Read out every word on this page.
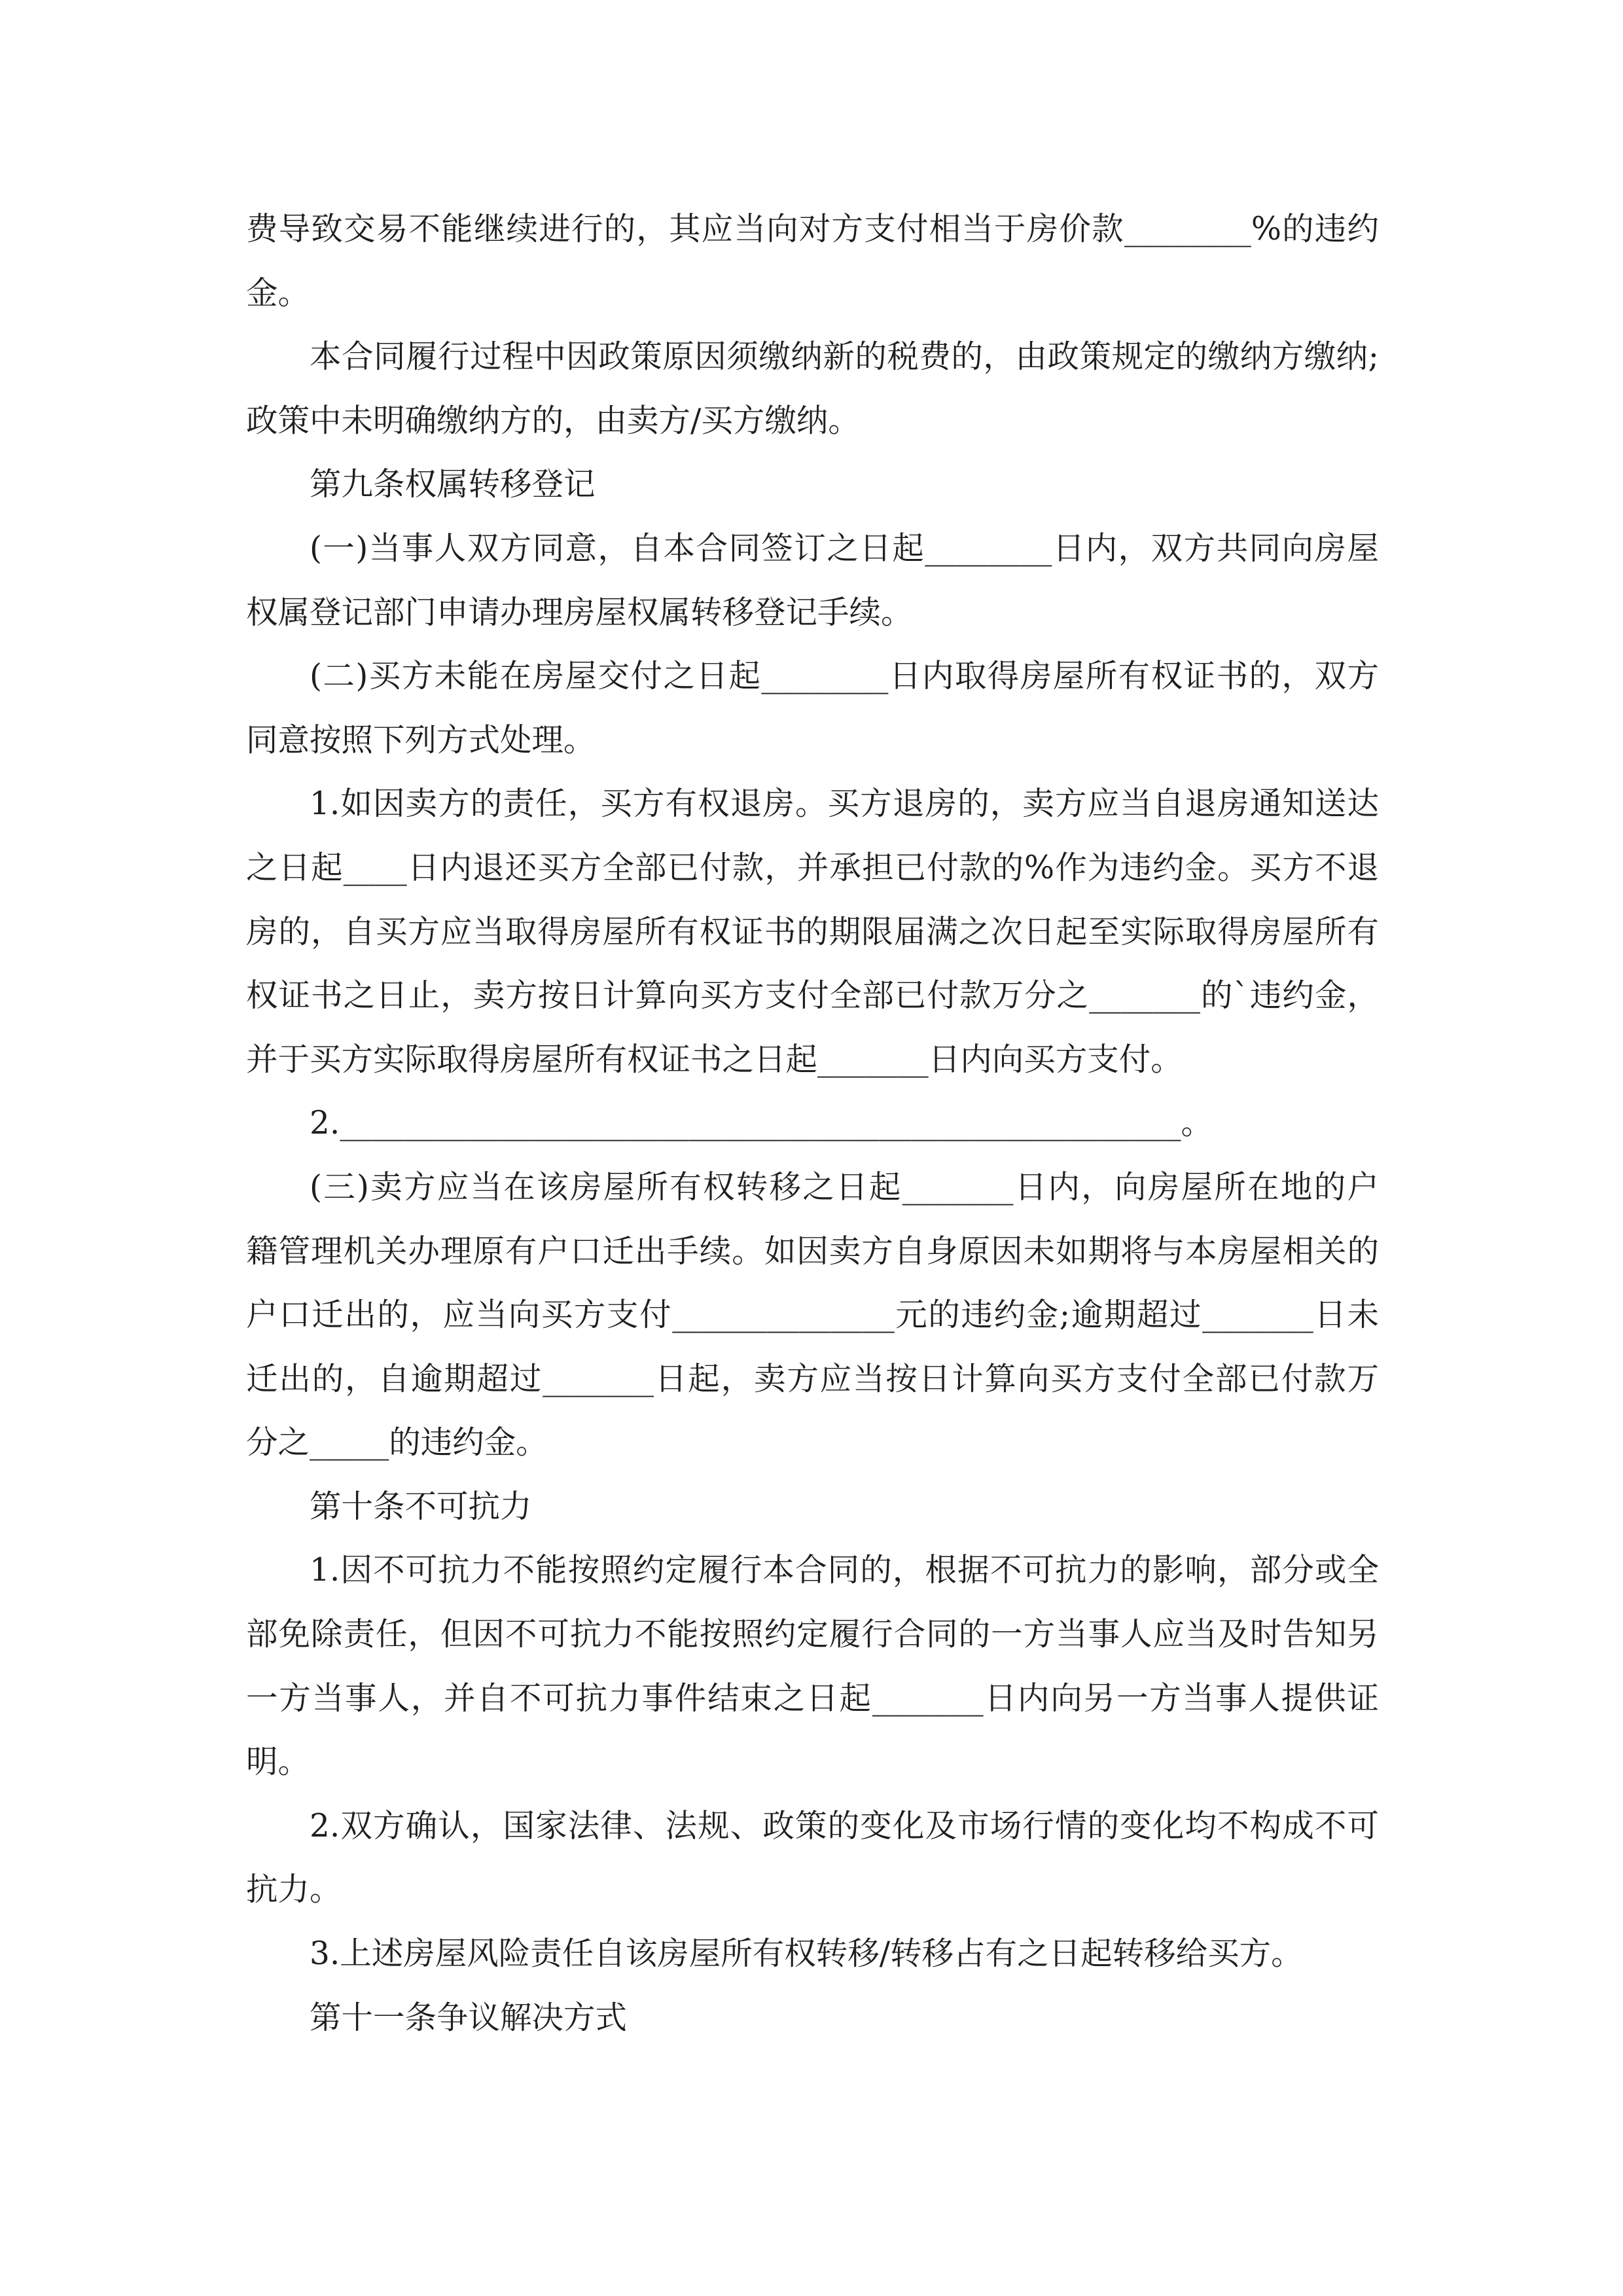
费导致交易不能继续进行的，其应当向对方支付相当于房价款________%的违约
金。
本合同履行过程中因政策原因须缴纳新的税费的，由政策规定的缴纳方缴纳;
政策中未明确缴纳方的，由卖方/买方缴纳。
第九条权属转移登记
(一)当事人双方同意，自本合同签订之日起________日内，双方共同向房屋
权属登记部门申请办理房屋权属转移登记手续。
(二)买方未能在房屋交付之日起________日内取得房屋所有权证书的，双方
同意按照下列方式处理。
1.如因卖方的责任，买方有权退房。买方退房的，卖方应当自退房通知送达
之日起____日内退还买方全部已付款，并承担已付款的%作为违约金。买方不退
房的，自买方应当取得房屋所有权证书的期限届满之次日起至实际取得房屋所有
权证书之日止，卖方按日计算向买方支付全部已付款万分之_______的`违约金，
并于买方实际取得房屋所有权证书之日起_______日内向买方支付。
2._____________________________________________________。
(三)卖方应当在该房屋所有权转移之日起_______日内，向房屋所在地的户
籍管理机关办理原有户口迁出手续。如因卖方自身原因未如期将与本房屋相关的
户口迁出的，应当向买方支付______________元的违约金;逾期超过_______日未
迁出的，自逾期超过_______日起，卖方应当按日计算向买方支付全部已付款万
分之_____的违约金。
第十条不可抗力
1.因不可抗力不能按照约定履行本合同的，根据不可抗力的影响，部分或全
部免除责任，但因不可抗力不能按照约定履行合同的一方当事人应当及时告知另
一方当事人，并自不可抗力事件结束之日起_______日内向另一方当事人提供证
明。
2.双方确认，国家法律、法规、政策的变化及市场行情的变化均不构成不可
抗力。
3.上述房屋风险责任自该房屋所有权转移/转移占有之日起转移给买方。
第十一条争议解决方式
